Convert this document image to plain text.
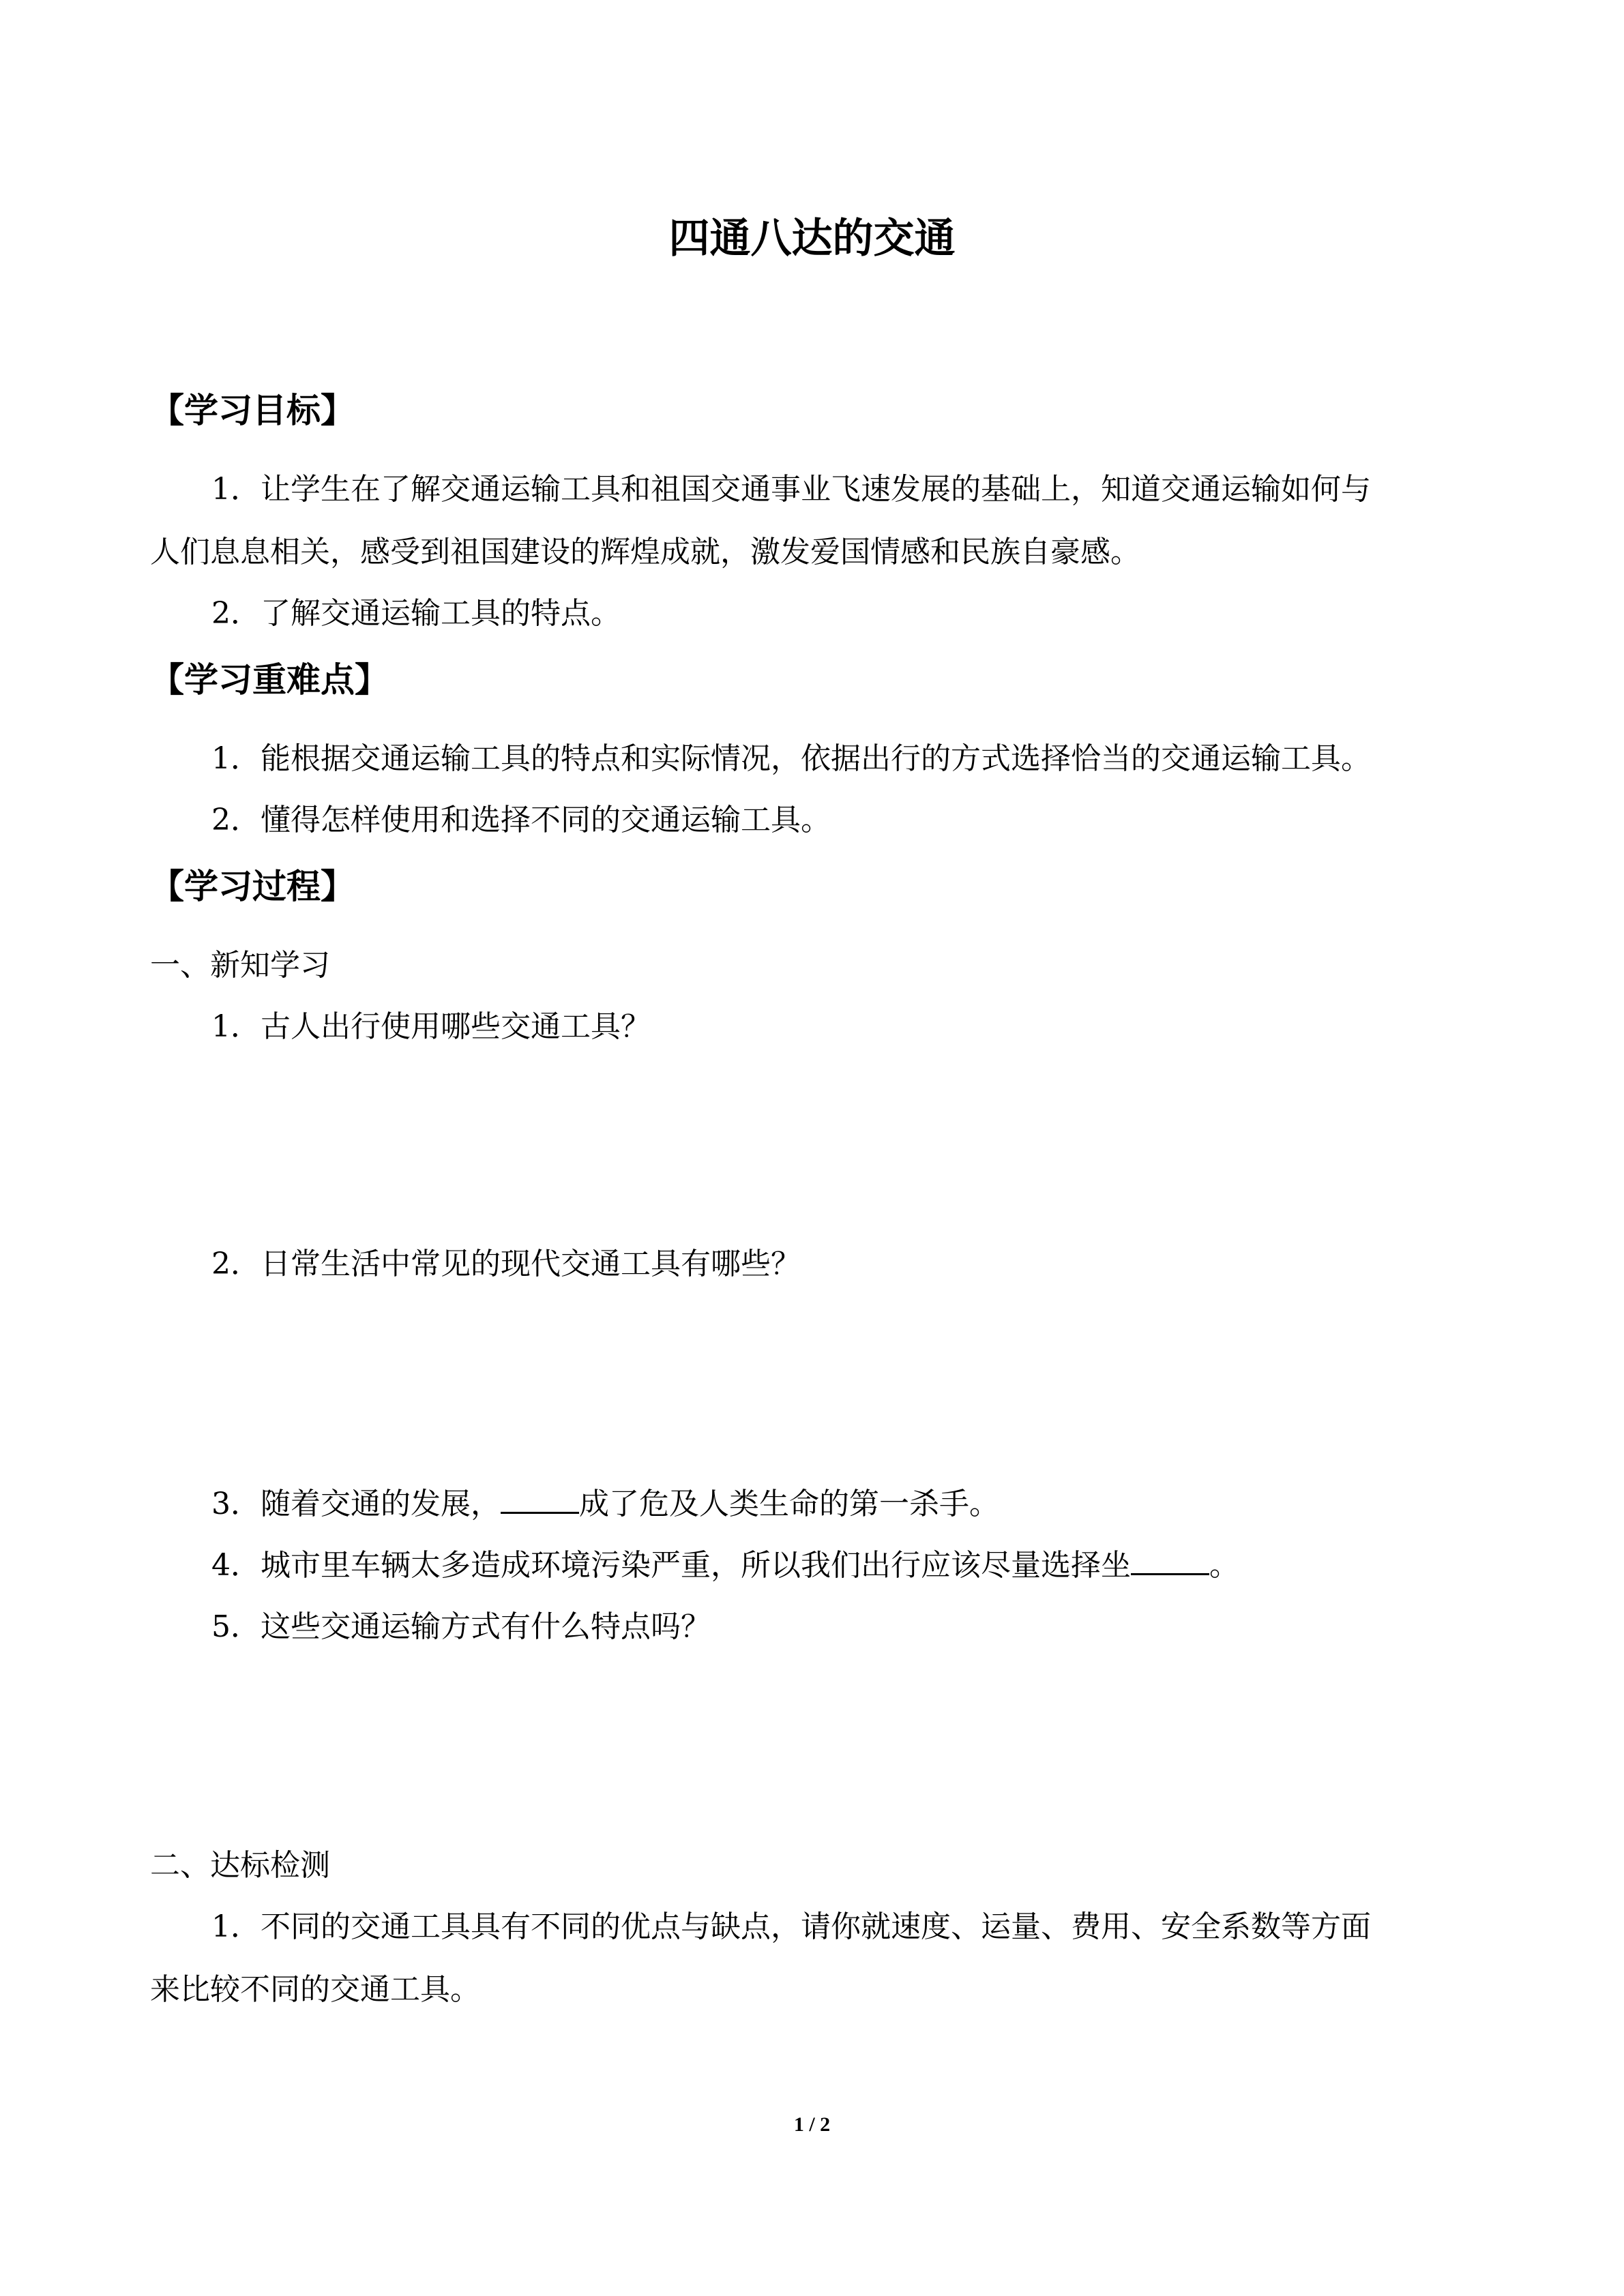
四通八达的交通
【学习目标】
1．让学生在了解交通运输工具和祖国交通事业飞速发展的基础上，知道交通运输如何与
人们息息相关，感受到祖国建设的辉煌成就，激发爱国情感和民族自豪感。
2．了解交通运输工具的特点。
【学习重难点】
1．能根据交通运输工具的特点和实际情况，依据出行的方式选择恰当的交通运输工具。
2．懂得怎样使用和选择不同的交通运输工具。
【学习过程】
一、新知学习
1．古人出行使用哪些交通工具？
2．日常生活中常见的现代交通工具有哪些？
3．随着交通的发展，	成了危及人类生命的第一杀手。
4．城市里车辆太多造成环境污染严重，所以我们出行应该尽量选择坐	。
5．这些交通运输方式有什么特点吗？
二、达标检测
1．不同的交通工具具有不同的优点与缺点，请你就速度、运量、费用、安全系数等方面
来比较不同的交通工具。
1 / 2
